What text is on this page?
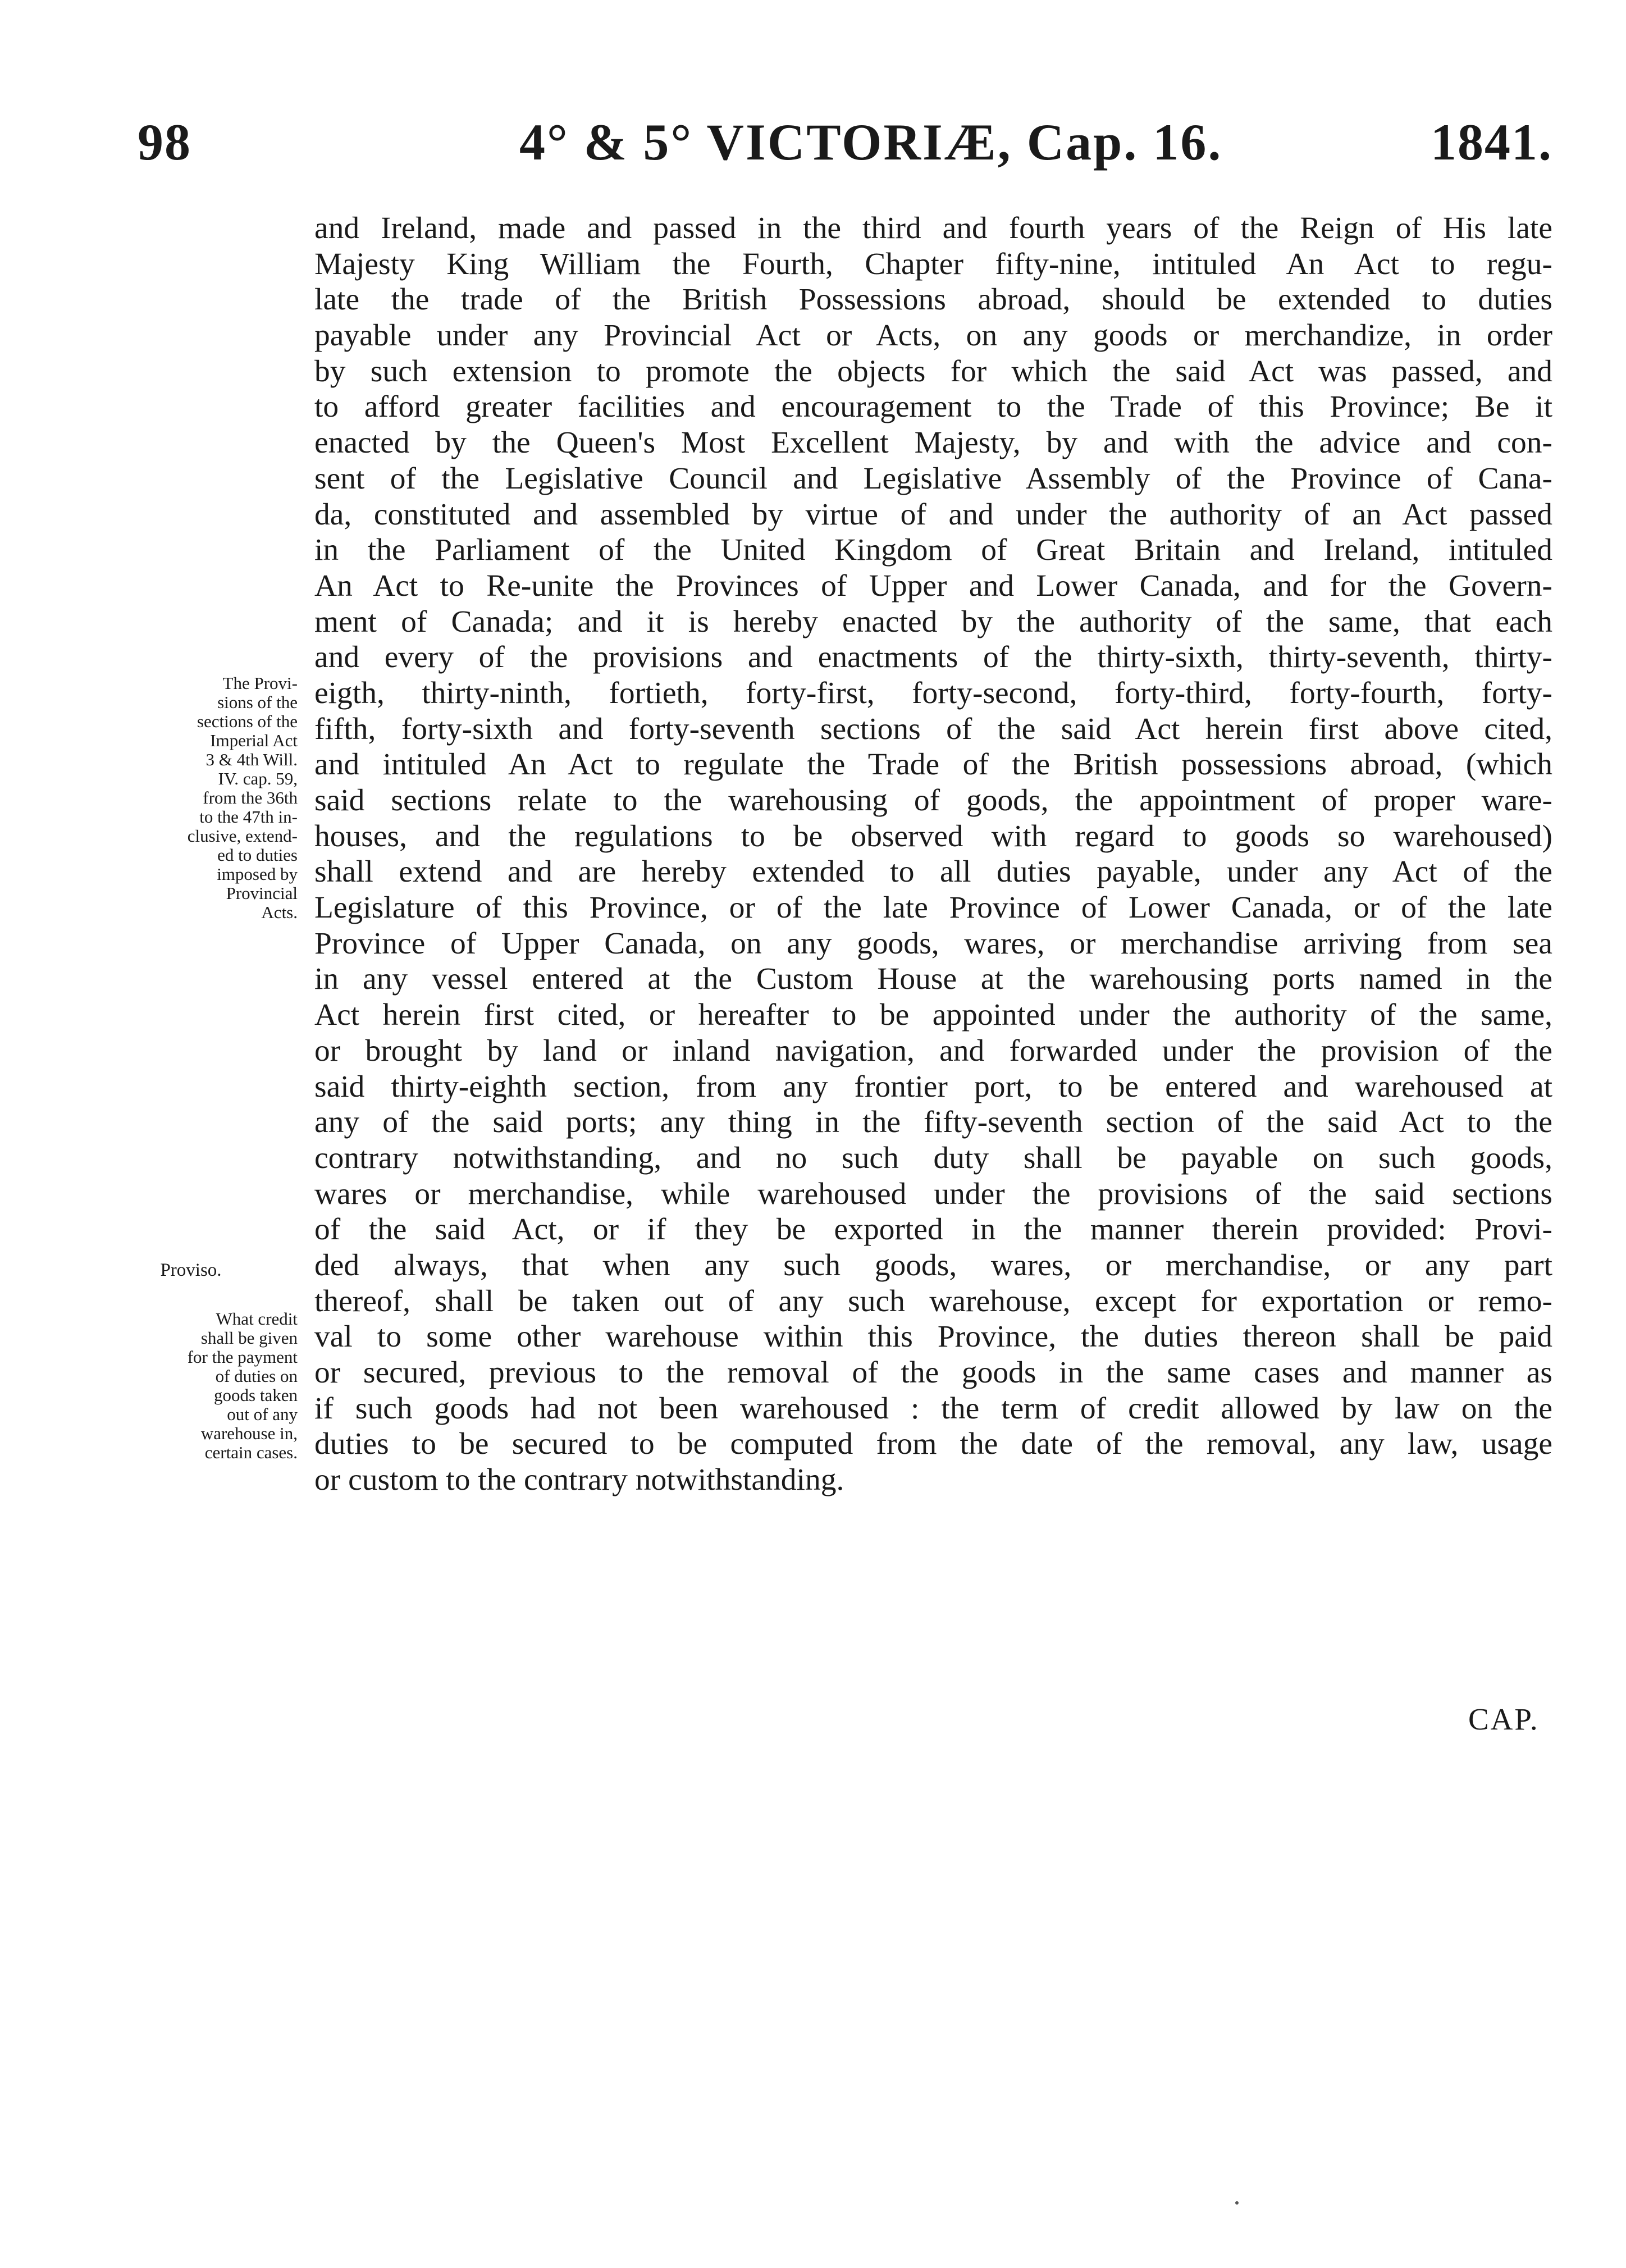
98	4° & 5° VICTORIÆ, Cap. 16.	1841.
and Ireland, made and passed in the third and fourth years of the Reign of His late
Majesty King William the Fourth, Chapter fifty-nine, intituled An Act to regu-
late the trade of the British Possessions abroad, should be extended to duties
payable under any Provincial Act or Acts, on any goods or merchandize, in order
by such extension to promote the objects for which the said Act was passed, and
to afford greater facilities and encouragement to the Trade of this Province; Be it
enacted by the Queen's Most Excellent Majesty, by and with the advice and con-
sent of the Legislative Council and Legislative Assembly of the Province of Cana-
da, constituted and assembled by virtue of and under the authority of an Act passed
in the Parliament of the United Kingdom of Great Britain and Ireland, intituled
An Act to Re-unite the Provinces of Upper and Lower Canada, and for the Govern-
ment of Canada; and it is hereby enacted by the authority of the same, that each
and every of the provisions and enactments of the thirty-sixth, thirty-seventh, thirty-
eigth, thirty-ninth, fortieth, forty-first, forty-second, forty-third, forty-fourth, forty-
fifth, forty-sixth and forty-seventh sections of the said Act herein first above cited,
and intituled An Act to regulate the Trade of the British possessions abroad, (which
said sections relate to the warehousing of goods, the appointment of proper ware-
houses, and the regulations to be observed with regard to goods so warehoused)
shall extend and are hereby extended to all duties payable, under any Act of the
Legislature of this Province, or of the late Province of Lower Canada, or of the late
Province of Upper Canada, on any goods, wares, or merchandise arriving from sea
in any vessel entered at the Custom House at the warehousing ports named in the
Act herein first cited, or hereafter to be appointed under the authority of the same,
or brought by land or inland navigation, and forwarded under the provision of the
said thirty-eighth section, from any frontier port, to be entered and warehoused at
any of the said ports; any thing in the fifty-seventh section of the said Act to the
contrary notwithstanding, and no such duty shall be payable on such goods,
wares or merchandise, while warehoused under the provisions of the said sections
of the said Act, or if they be exported in the manner therein provided: Provi-
ded always, that when any such goods, wares, or merchandise, or any part
thereof, shall be taken out of any such warehouse, except for exportation or remo-
val to some other warehouse within this Province, the duties thereon shall be paid
or secured, previous to the removal of the goods in the same cases and manner as
if such goods had not been warehoused : the term of credit allowed by law on the
duties to be secured to be computed from the date of the removal, any law, usage
or custom to the contrary notwithstanding.
The Provi-
sions of the
sections of the
Imperial Act
3 & 4th Will.
IV. cap. 59,
from the 36th
to the 47th in-
clusive, extend-
ed to duties
imposed by
Provincial
Acts.
Proviso.
What credit
shall be given
for the payment
of duties on
goods taken
out of any
warehouse in,
certain cases.
CAP.
